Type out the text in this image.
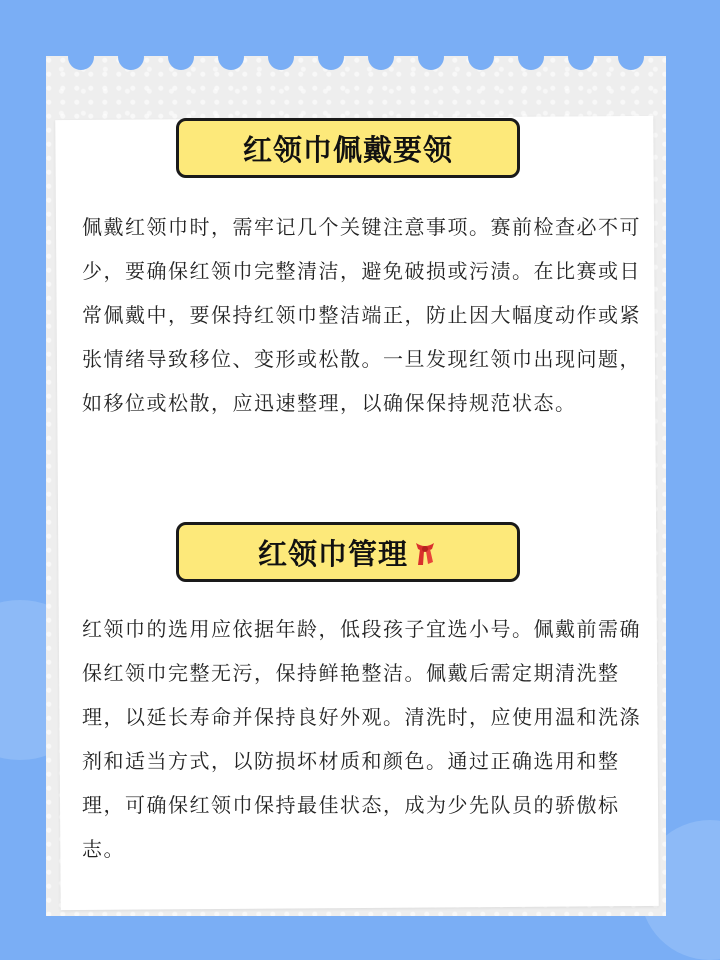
红领巾佩戴要领
佩戴红领巾时，需牢记几个关键注意事项。赛前检查必不可少，要确保红领巾完整清洁，避免破损或污渍。在比赛或日常佩戴中，要保持红领巾整洁端正，防止因大幅度动作或紧张情绪导致移位、变形或松散。一旦发现红领巾出现问题，如移位或松散，应迅速整理，以确保保持规范状态。
红领巾管理
红领巾的选用应依据年龄，低段孩子宜选小号。佩戴前需确保红领巾完整无污，保持鲜艳整洁。佩戴后需定期清洗整理，以延长寿命并保持良好外观。清洗时，应使用温和洗涤剂和适当方式，以防损坏材质和颜色。通过正确选用和整理，可确保红领巾保持最佳状态，成为少先队员的骄傲标志。
